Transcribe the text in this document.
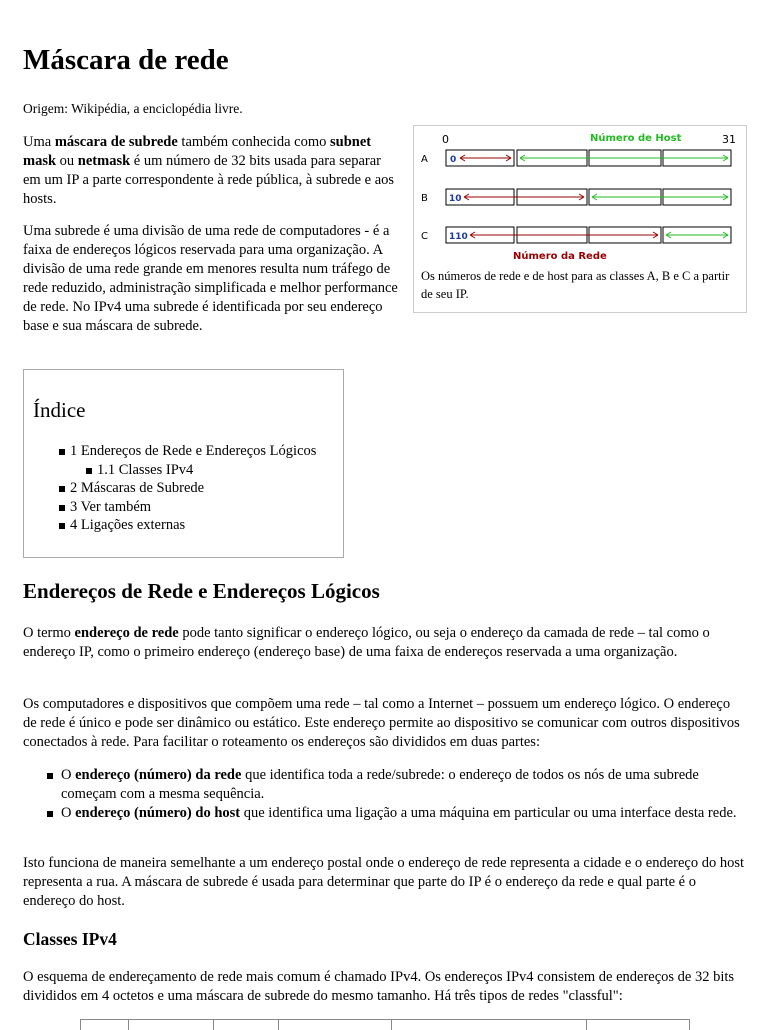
Máscara de rede

Origem: Wikipédia, a enciclopédia livre.

Uma máscara de subrede também conhecida como subnet mask ou netmask é um número de 32 bits usada para separar em um IP a parte correspondente à rede pública, à subrede e aos hosts.

Uma subrede é uma divisão de uma rede de computadores - é a faixa de endereços lógicos reservada para uma organização. A divisão de uma rede grande em menores resulta num tráfego de rede reduzido, administração simplificada e melhor performance de rede. No IPv4 uma subrede é identificada por seu endereço base e sua máscara de subrede.

0	Número de Host	31
A
B
C
0
10
110
Número da Rede

Os números de rede e de host para as classes A, B e C a partir de seu IP.

Índice
1 Endereços de Rede e Endereços Lógicos
1.1 Classes IPv4
2 Máscaras de Subrede
3 Ver também
4 Ligações externas
Endereços de Rede e Endereços Lógicos

O termo endereço de rede pode tanto significar o endereço lógico, ou seja o endereço da camada de rede – tal como o endereço IP, como o primeiro endereço (endereço base) de uma faixa de endereços reservada a uma organização.

Os computadores e dispositivos que compõem uma rede – tal como a Internet – possuem um endereço lógico. O endereço de rede é único e pode ser dinâmico ou estático. Este endereço permite ao dispositivo se comunicar com outros dispositivos conectados à rede. Para facilitar o roteamento os endereços são divididos em duas partes:

O endereço (número) da rede que identifica toda a rede/subrede: o endereço de todos os nós de uma subrede começam com a mesma sequência.
O endereço (número) do host que identifica uma ligação a uma máquina em particular ou uma interface desta rede.

Isto funciona de maneira semelhante a um endereço postal onde o endereço de rede representa a cidade e o endereço do host representa a rua. A máscara de subrede é usada para determinar que parte do IP é o endereço da rede e qual parte é o endereço do host.

Classes IPv4

O esquema de endereçamento de rede mais comum é chamado IPv4. Os endereços IPv4 consistem de endereços de 32 bits divididos em 4 octetos e uma máscara de subrede do mesmo tamanho. Há três tipos de redes "classful":
